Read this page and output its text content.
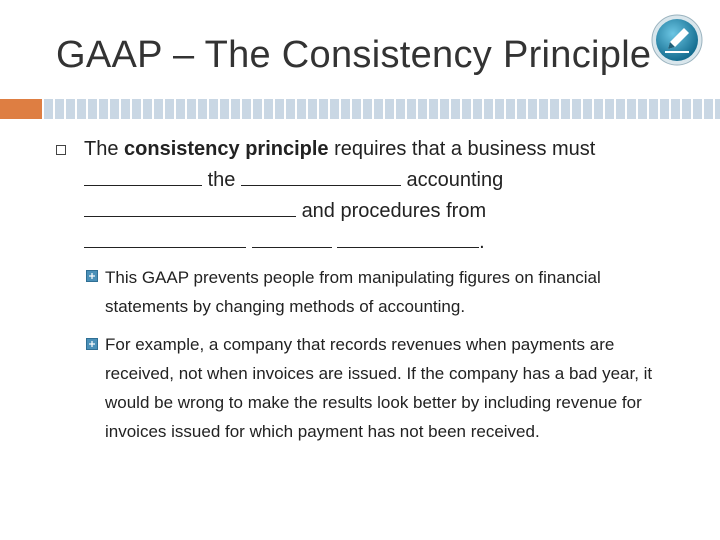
GAAP – The Consistency Principle
The consistency principle requires that a business must
the	accounting
and procedures from
.
This GAAP prevents people from manipulating figures on financial statements by changing methods of accounting.
For example, a company that records revenues when payments are received, not when invoices are issued. If the company has a bad year, it would be wrong to make the results look better by including revenue for invoices issued for which payment has not been received.
